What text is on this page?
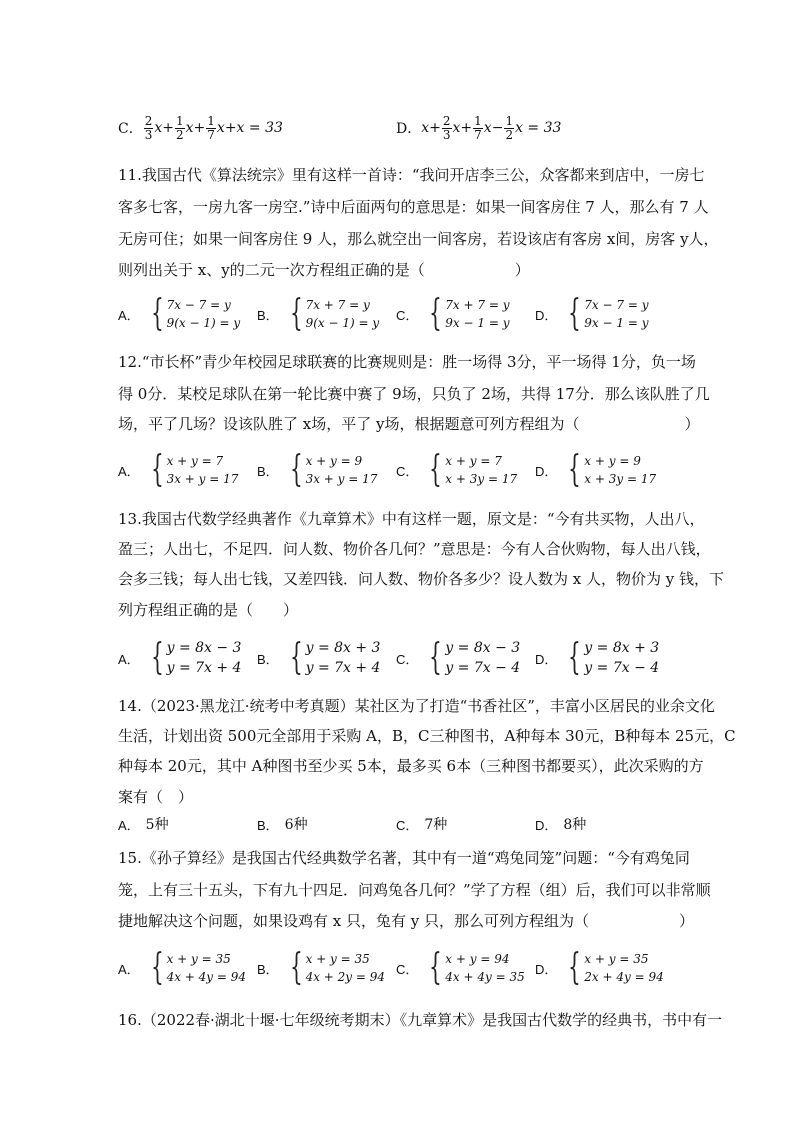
C． $\frac{2}{3} x+ \frac{1}{2} x+ \frac{1}{7} x+x = 33$	D． $x+ \frac{2}{3} x+ \frac{1}{7} x- \frac{1}{2}$ x = 33
11.我国古代《算法统宗》里有这样一首诗：“我问开店李三公，众客都来到店中，一房七
客多七客，一房九客一房空.”诗中后面两句的意思是：如果一间客房住 7 人，那么有 7 人
无房可住；如果一间客房住 9 人，那么就空出一间客房，若设该店有客房 x间，房客 y人，
则列出关于 x、y的二元一次方程组正确的是（　　　　　　）
A． { 7x − 7 = y
9(x − 1) = y
B． { 7x + 7 = y
9(x − 1) = y
C． { 7x + 7 = y
9x − 1 = y
D． { 7x − 7 = y
9x − 1 = y
12.“市长杯”青少年校园足球联赛的比赛规则是：胜一场得 3分，平一场得 1分，负一场
得 0分．某校足球队在第一轮比赛中赛了 9场，只负了 2场，共得 17分．那么该队胜了几
场，平了几场？设该队胜了 x场，平了 y场，根据题意可列方程组为（　　　　　　　）
A． { x + y = 7
3x + y = 17
B． { x + y = 9
3x + y = 17
C． { x + y = 7
x + 3y = 17
D． { x + y = 9
x + 3y = 17
13.我国古代数学经典著作《九章算术》中有这样一题，原文是：“今有共买物，人出八，
盈三；人出七，不足四．问人数、物价各几何？”意思是：今有人合伙购物，每人出八钱，
会多三钱；每人出七钱，又差四钱．问人数、物价各多少？设人数为 x 人，物价为 y 钱，下
列方程组正确的是（　　）
A． { y = 8x − 3
y = 7x + 4
B． { y = 8x + 3
y = 7x + 4
C． { y = 8x − 3
y = 7x − 4
D． { y = 8x + 3
y = 7x − 4
14.（2023·黑龙江·统考中考真题）某社区为了打造“书香社区”，丰富小区居民的业余文化
生活，计划出资 500元全部用于采购 A，B，C三种图书，A种每本 30元，B种每本 25元，C
种每本 20元，其中 A种图书至少买 5本，最多买 6本（三种图书都要买），此次采购的方
案有（　）
A． 5种	B． 6种	C． 7种	D． 8种
15.《孙子算经》是我国古代经典数学名著，其中有一道“鸡兔同笼”问题：“今有鸡兔同
笼，上有三十五头，下有九十四足．问鸡兔各几何？”学了方程（组）后，我们可以非常顺
捷地解决这个问题，如果设鸡有 x 只，兔有 y 只，那么可列方程组为（　　　　　　）
A． { x + y = 35
4x + 4y = 94
B． { x + y = 35
4x + 2y = 94
C． { x + y = 94
4x + 4y = 35
D． { x + y = 35
2x + 4y = 94
16.（2022春·湖北十堰·七年级统考期末）《九章算术》是我国古代数学的经典书，书中有一
